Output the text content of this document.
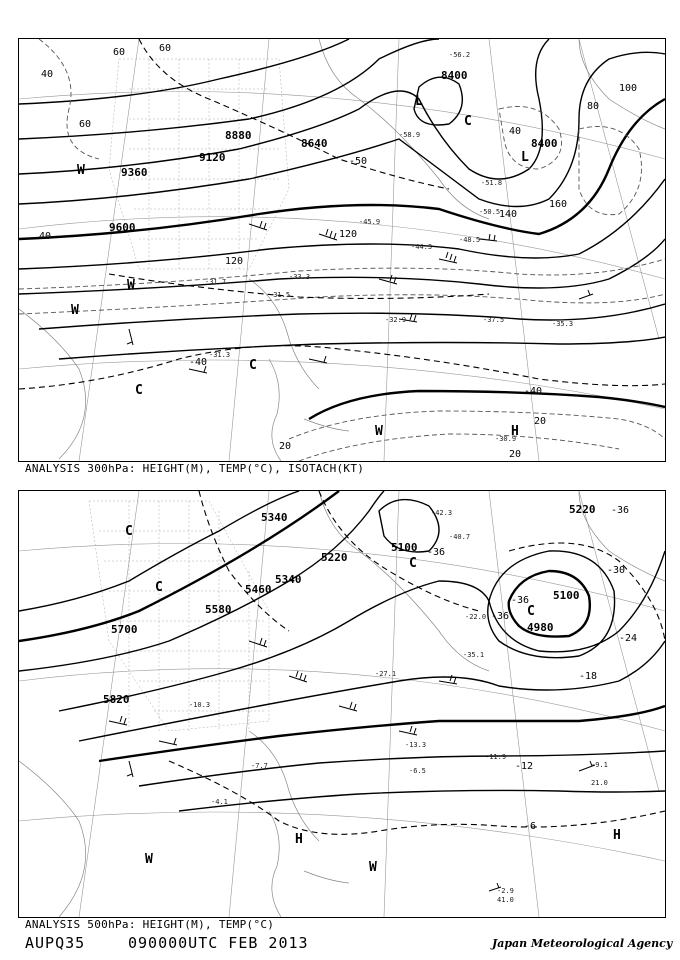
9600
9360
9120
8880
8640
8400
8400
-40
-40
-50
40
60	60
60
80
100
120
120
140
160
20
20
20
40
40
L
L
W
W
W
C
C
C
W	H
-31.7
-31.5
-33.3
-31.3
-37.5
-32.9	-35.3
-44.3
-45.9
-50.5
-58.9
-56.2
-51.8
-48.5
-30.9
ANALYSIS 300hPa: HEIGHT(M), TEMP(°C), ISOTACH(KT)
5700
5820
5580
5460
5340
5220
5340
5100
5100
4980
5220 -36
-36
-36
-30
-24
-18
-12
-6
-36
C
C
C
C
W
H
W
H
-42.3
-40.7
-35.1
-22.0
-27.1
-13.3
-10.3
-7.7
-6.5
-4.1
-9.1
-11.9
-2.9
41.0
21.0
ANALYSIS 500hPa: HEIGHT(M), TEMP(°C)
AUPQ35	090000UTC FEB 2013	Japan Meteorological Agency
